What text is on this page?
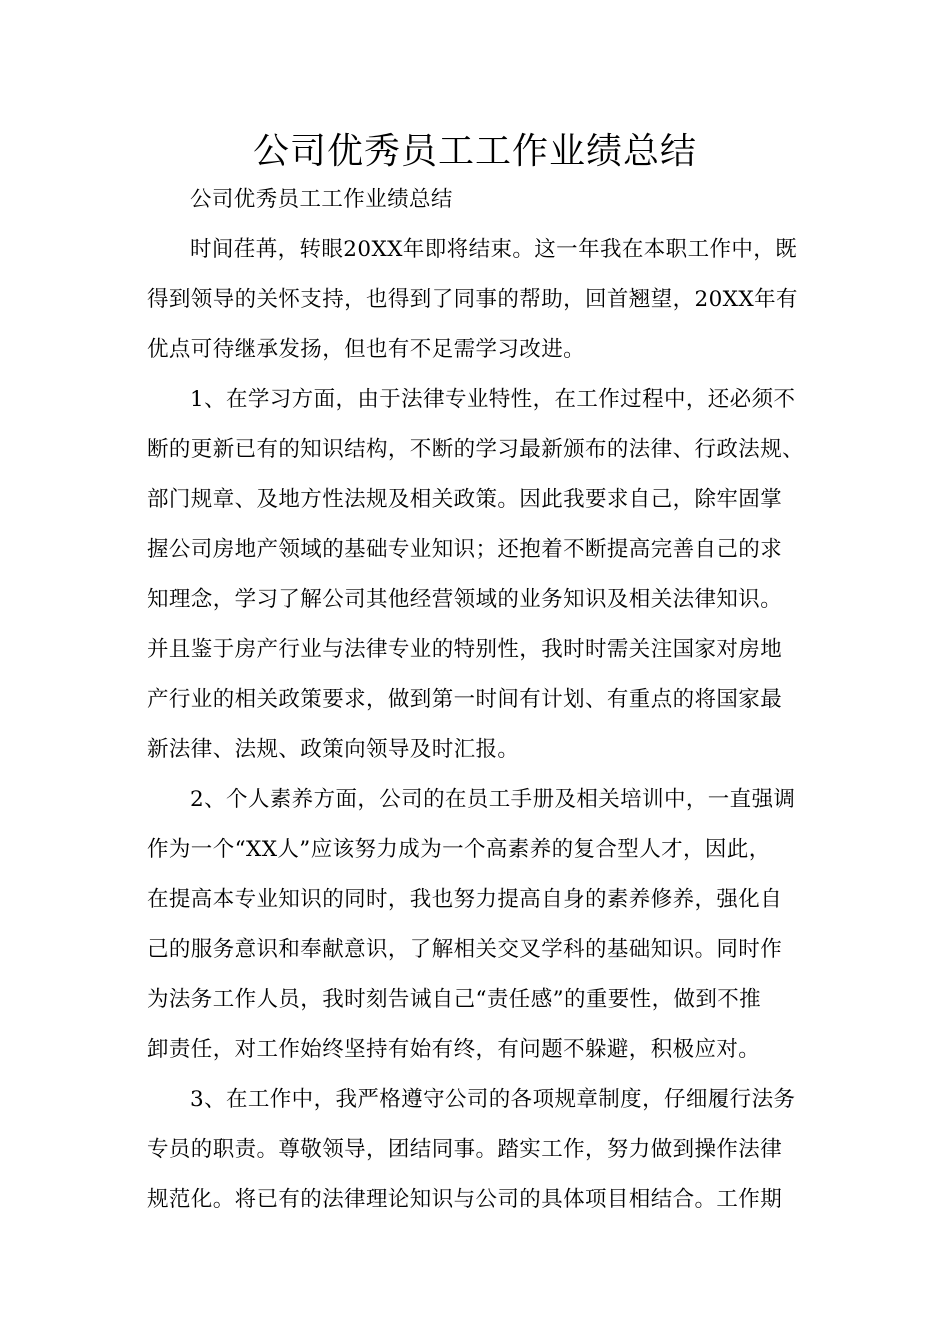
公司优秀员工工作业绩总结
公司优秀员工工作业绩总结
时间荏苒，转眼20XX年即将结束。这一年我在本职工作中，既
得到领导的关怀支持，也得到了同事的帮助，回首翘望，20XX年有
优点可待继承发扬，但也有不足需学习改进。
1、在学习方面，由于法律专业特性，在工作过程中，还必须不
断的更新已有的知识结构，不断的学习最新颁布的法律、行政法规、
部门规章、及地方性法规及相关政策。因此我要求自己，除牢固掌
握公司房地产领域的基础专业知识；还抱着不断提高完善自己的求
知理念，学习了解公司其他经营领域的业务知识及相关法律知识。
并且鉴于房产行业与法律专业的特别性，我时时需关注国家对房地
产行业的相关政策要求，做到第一时间有计划、有重点的将国家最
新法律、法规、政策向领导及时汇报。
2、个人素养方面，公司的在员工手册及相关培训中，一直强调
作为一个“XX人”应该努力成为一个高素养的复合型人才，因此，
在提高本专业知识的同时，我也努力提高自身的素养修养，强化自
己的服务意识和奉献意识，了解相关交叉学科的基础知识。同时作
为法务工作人员，我时刻告诫自己“责任感”的重要性，做到不推
卸责任，对工作始终坚持有始有终，有问题不躲避，积极应对。
3、在工作中，我严格遵守公司的各项规章制度，仔细履行法务
专员的职责。尊敬领导，团结同事。踏实工作，努力做到操作法律
规范化。将已有的法律理论知识与公司的具体项目相结合。工作期
